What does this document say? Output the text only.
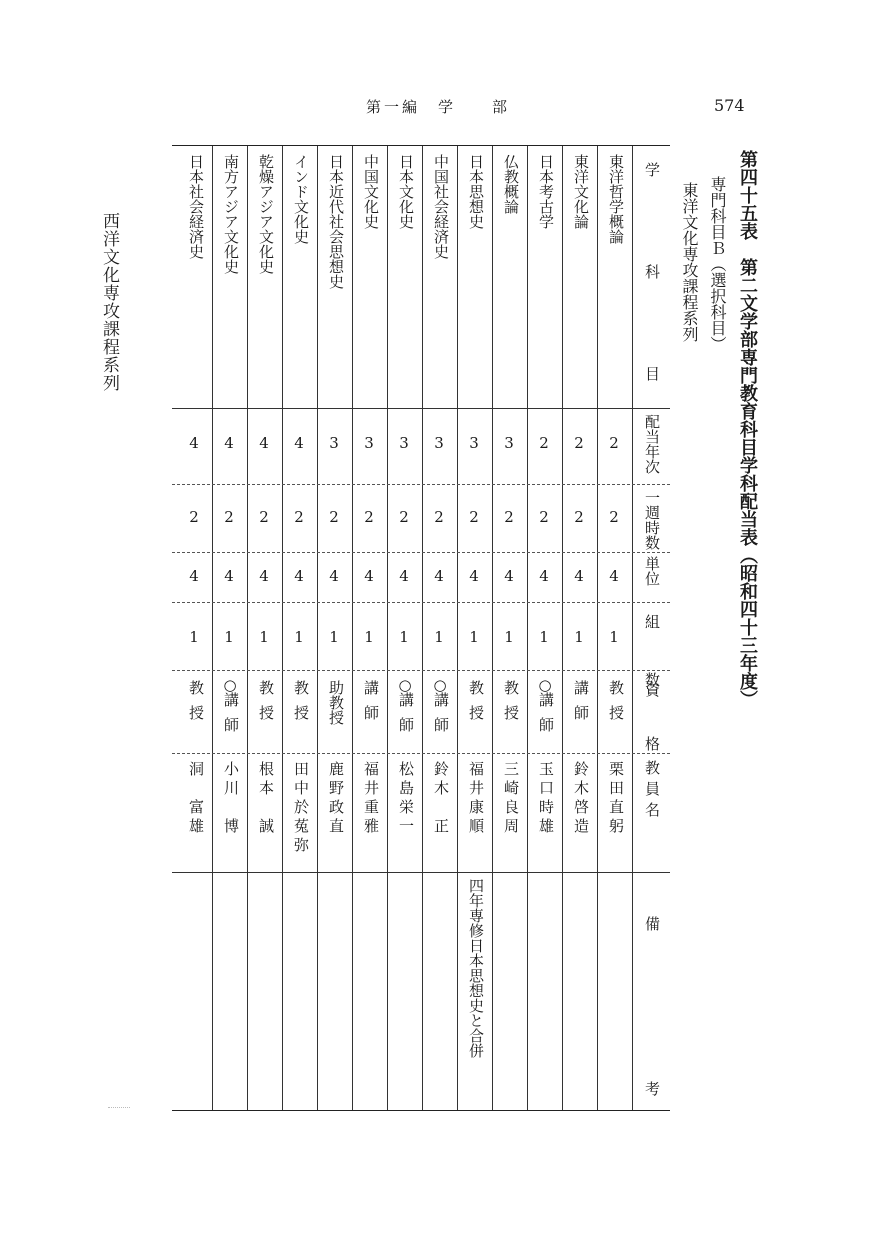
第一編　学　　部	574
第四十五表　第二文学部専門教育科目学科配当表（昭和四十三年度）
専門科目Ｂ（選択科目）
東洋文化専攻課程系列
西洋文化専攻課程系列	学　科　目
配当年次
一週時数
単位
組　数
資　格
教員名
備　　考
東洋哲学概論
2
2
4
1
教授
栗田直躬
東洋文化論
2
2
4
1
講師
鈴木啓造
日本考古学
2
2
4
1
○
講師
玉口時雄
仏教概論
3
2
4
1
教授
三崎良周
日本思想史
3
2
4
1
教授
福井康順
四年専修日本思想史と合併
中国社会経済史
3
2
4
1
○
講師
鈴木　正
日本文化史
3
2
4
1
○
講師
松島栄一
中国文化史
3
2
4
1
講師
福井重雅
日本近代社会思想史
3
2
4
1
助教授
鹿野政直
インド文化史
4
2
4
1
教授
田中於菟弥
乾燥アジア文化史
4
2
4
1
教授
根本　誠
南方アジア文化史
4
2
4
1
○
講師
小川　博
日本社会経済史
4
2
4
1
教授
洞　富雄
